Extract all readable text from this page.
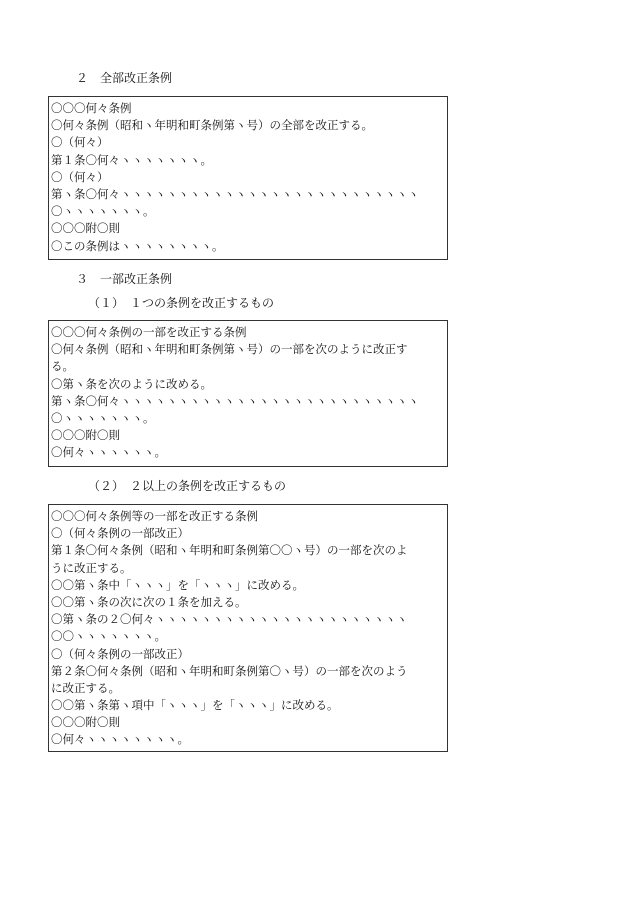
２　全部改正条例
〇〇〇何々条例
〇何々条例（昭和ヽ年明和町条例第ヽ号）の全部を改正する。
〇（何々）
第１条〇何々ヽヽヽヽヽヽヽ。
〇（何々）
第ヽ条〇何々ヽヽヽヽヽヽヽヽヽヽヽヽヽヽヽヽヽヽヽヽヽヽヽヽヽヽ
〇ヽヽヽヽヽヽヽ。
〇〇〇附〇則
〇この条例はヽヽヽヽヽヽヽヽ。
３　一部改正条例
（１）　１つの条例を改正するもの
〇〇〇何々条例の一部を改正する条例
〇何々条例（昭和ヽ年明和町条例第ヽ号）の一部を次のように改正す
る。
〇第ヽ条を次のように改める。
第ヽ条〇何々ヽヽヽヽヽヽヽヽヽヽヽヽヽヽヽヽヽヽヽヽヽヽヽヽヽヽ
〇ヽヽヽヽヽヽヽ。
〇〇〇附〇則
〇何々ヽヽヽヽヽヽ。
（２）　２以上の条例を改正するもの
〇〇〇何々条例等の一部を改正する条例
〇（何々条例の一部改正）
第１条〇何々条例（昭和ヽ年明和町条例第〇〇ヽ号）の一部を次のよ
うに改正する。
〇〇第ヽ条中「ヽヽヽ」を「ヽヽヽ」に改める。
〇〇第ヽ条の次に次の１条を加える。
〇第ヽ条の２〇何々ヽヽヽヽヽヽヽヽヽヽヽヽヽヽヽヽヽヽヽヽヽヽ
〇〇ヽヽヽヽヽヽヽ。
〇（何々条例の一部改正）
第２条〇何々条例（昭和ヽ年明和町条例第〇ヽ号）の一部を次のよう
に改正する。
〇〇第ヽ条第ヽ項中「ヽヽヽ」を「ヽヽヽ」に改める。
〇〇〇附〇則
〇何々ヽヽヽヽヽヽヽヽ。
